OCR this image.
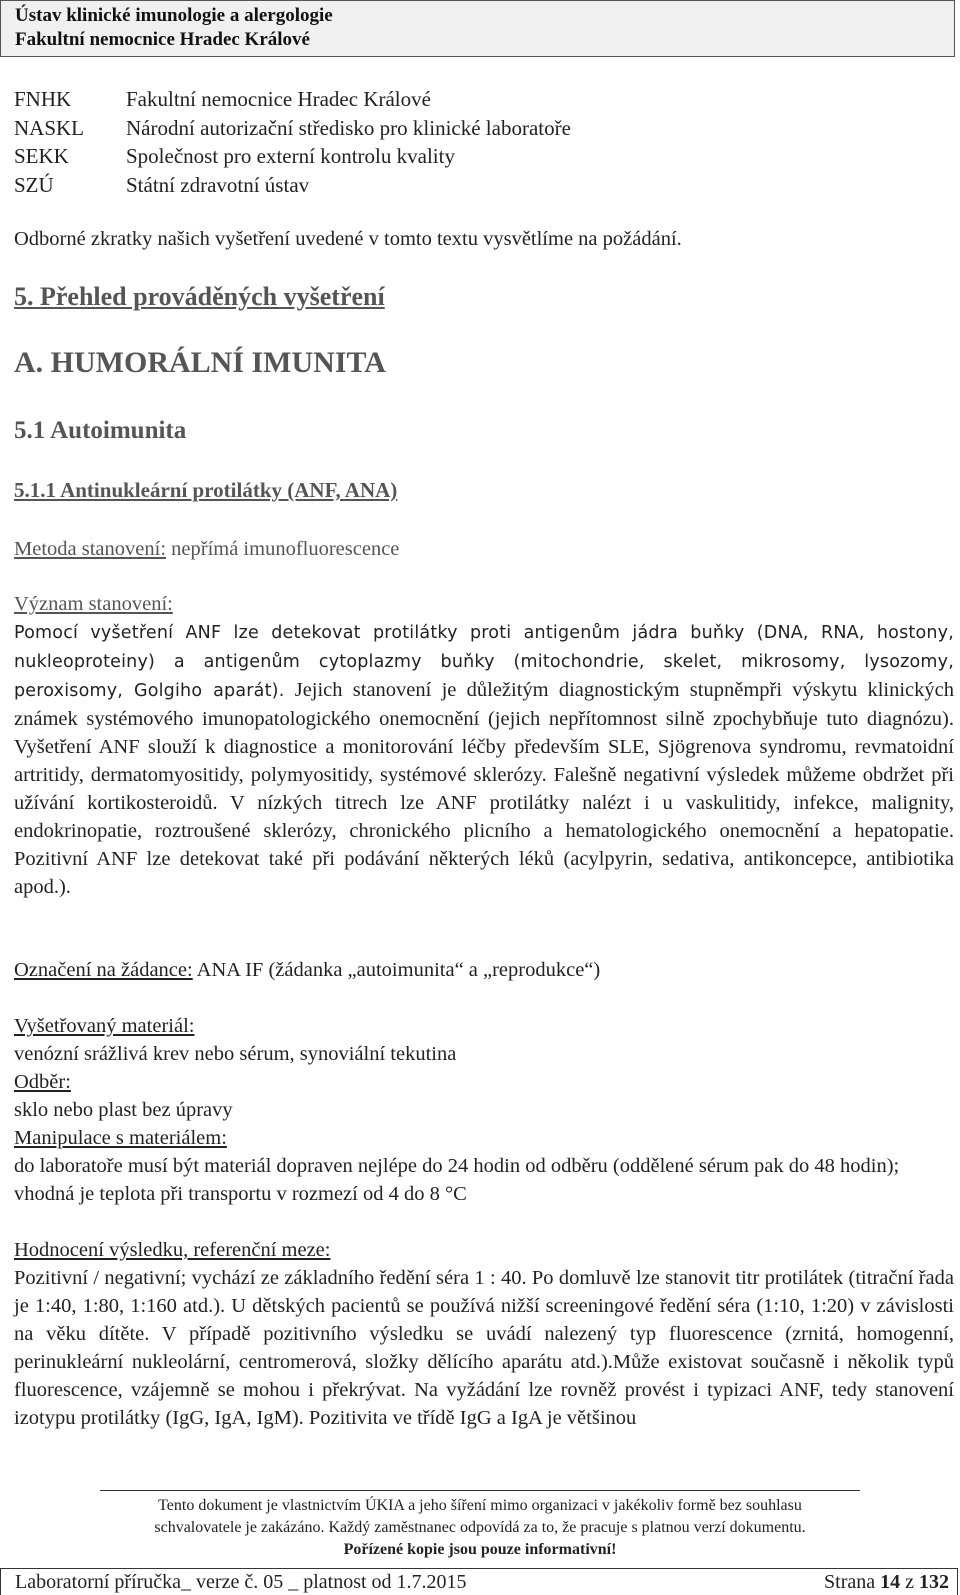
Ústav klinické imunologie a alergologie
Fakultní nemocnice Hradec Králové
FNHK	Fakultní nemocnice Hradec Králové
NASKL	Národní autorizační středisko pro klinické laboratoře
SEKK	Společnost pro externí kontrolu kvality
SZÚ	Státní zdravotní ústav
Odborné zkratky našich vyšetření uvedené v tomto textu vysvětlíme na požádání.
5. Přehled prováděných vyšetření
A. HUMORÁLNÍ IMUNITA
5.1 Autoimunita
5.1.1 Antinukleární protilátky (ANF, ANA)
Metoda stanovení: nepřímá imunofluorescence
Význam stanovení:
Pomocí vyšetření ANF lze detekovat protilátky proti antigenům jádra buňky (DNA, RNA, hostony, nukleoproteiny) a antigenům cytoplazmy buňky (mitochondrie, skelet, mikrosomy, lysozomy, peroxisomy, Golgiho aparát). Jejich stanovení je důležitým diagnostickým stupněmpři výskytu klinických známek systémového imunopatologického onemocnění (jejich nepřítomnost silně zpochybňuje tuto diagnózu). Vyšetření ANF slouží k diagnostice a monitorování léčby především SLE, Sjögrenova syndromu, revmatoidní artritidy, dermatomyositidy, polymyositidy, systémové sklerózy. Falešně negativní výsledek můžeme obdržet při užívání kortikosteroidů. V nízkých titrech lze ANF protilátky nalézt i u vaskulitidy, infekce, malignity, endokrinopatie, roztroušené sklerózy, chronického plicního a hematologického onemocnění a hepatopatie. Pozitivní ANF lze detekovat také při podávání některých léků (acylpyrin, sedativa, antikoncepce, antibiotika apod.).
Označení na žádance: ANA IF (žádanka „autoimunita“ a „reprodukce“)
Vyšetřovaný materiál:
venózní srážlivá krev nebo sérum, synoviální tekutina
Odběr:
sklo nebo plast bez úpravy
Manipulace s materiálem:
do laboratoře musí být materiál dopraven nejlépe do 24 hodin od odběru (oddělené sérum pak do 48 hodin); vhodná je teplota při transportu v rozmezí od 4 do 8 °C
Hodnocení výsledku, referenční meze:
Pozitivní / negativní; vychází ze základního ředění séra 1 : 40. Po domluvě lze stanovit titr protilátek (titrační řada je 1:40, 1:80, 1:160 atd.). U dětských pacientů se používá nižší screeningové ředění séra (1:10, 1:20) v závislosti na věku dítěte. V případě pozitivního výsledku se uvádí nalezený typ fluorescence (zrnitá, homogenní, perinukleární nukleolární, centromerová, složky dělícího aparátu atd.).Může existovat současně i několik typů fluorescence, vzájemně se mohou i překrývat. Na vyžádání lze rovněž provést i typizaci ANF, tedy stanovení izotypu protilátky (IgG, IgA, IgM). Pozitivita ve třídě IgG a IgA je většinou
Tento dokument je vlastnictvím ÚKIA a jeho šíření mimo organizaci v jakékoliv formě bez souhlasu
schvalovatele je zakázáno. Každý zaměstnanec odpovídá za to, že pracuje s platnou verzí dokumentu.
Pořízené kopie jsou pouze informativní!
Laboratorní příručka_ verze č. 05 _ platnost od 1.7.2015	Strana 14 z 132
